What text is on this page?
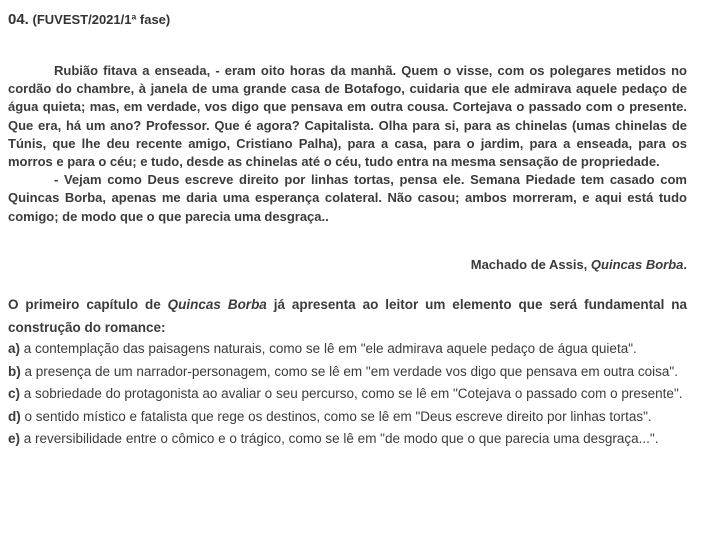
04. (FUVEST/2021/1ª fase)

Rubião fitava a enseada, - eram oito horas da manhã. Quem o visse, com os polegares metidos no cordão do chambre, à janela de uma grande casa de Botafogo, cuidaria que ele admirava aquele pedaço de água quieta; mas, em verdade, vos digo que pensava em outra cousa. Cortejava o passado com o presente. Que era, há um ano? Professor. Que é agora? Capitalista. Olha para si, para as chinelas (umas chinelas de Túnis, que lhe deu recente amigo, Cristiano Palha), para a casa, para o jardim, para a enseada, para os morros e para o céu; e tudo, desde as chinelas até o céu, tudo entra na mesma sensação de propriedade.

- Vejam como Deus escreve direito por linhas tortas, pensa ele. Semana Piedade tem casado com Quincas Borba, apenas me daria uma esperança colateral. Não casou; ambos morreram, e aqui está tudo comigo; de modo que o que parecia uma desgraça..

Machado de Assis, Quincas Borba.
O primeiro capítulo de Quincas Borba já apresenta ao leitor um elemento que será fundamental na construção do romance:

a) a contemplação das paisagens naturais, como se lê em "ele admirava aquele pedaço de água quieta".

b) a presença de um narrador-personagem, como se lê em "em verdade vos digo que pensava em outra coisa".

c) a sobriedade do protagonista ao avaliar o seu percurso, como se lê em "Cotejava o passado com o presente".

d) o sentido místico e fatalista que rege os destinos, como se lê em "Deus escreve direito por linhas tortas".

e) a reversibilidade entre o cômico e o trágico, como se lê em "de modo que o que parecia uma desgraça...".
